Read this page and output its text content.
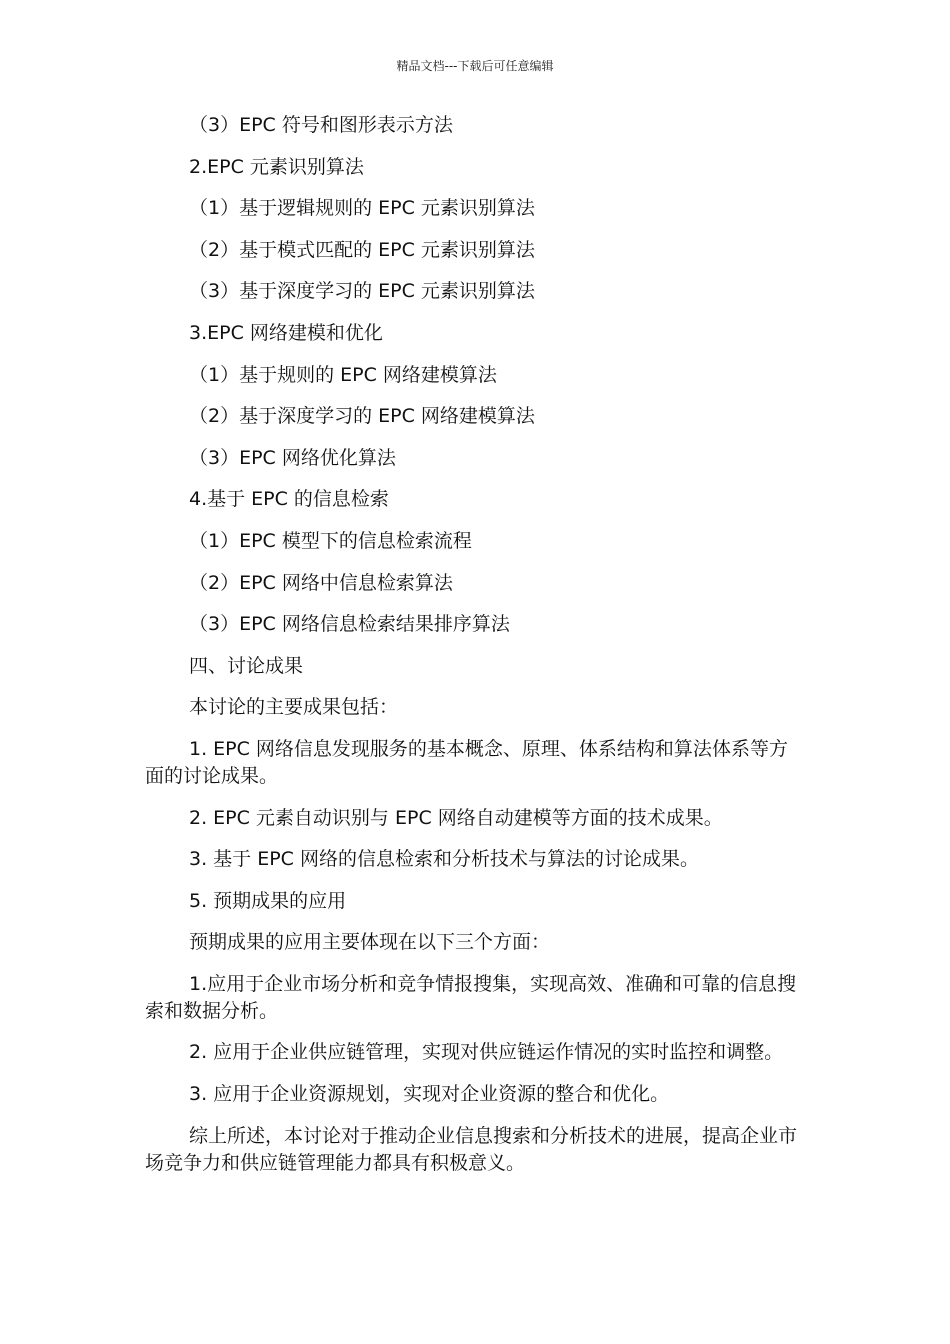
精品文档---下载后可任意编辑

（3）EPC 符号和图形表示方法

2.EPC 元素识别算法

（1）基于逻辑规则的 EPC 元素识别算法

（2）基于模式匹配的 EPC 元素识别算法

（3）基于深度学习的 EPC 元素识别算法

3.EPC 网络建模和优化

（1）基于规则的 EPC 网络建模算法

（2）基于深度学习的 EPC 网络建模算法

（3）EPC 网络优化算法

4.基于 EPC 的信息检索

（1）EPC 模型下的信息检索流程

（2）EPC 网络中信息检索算法

（3）EPC 网络信息检索结果排序算法

四、讨论成果

本讨论的主要成果包括：

1. EPC 网络信息发现服务的基本概念、原理、体系结构和算法体系等方面的讨论成果。

2. EPC 元素自动识别与 EPC 网络自动建模等方面的技术成果。

3. 基于 EPC 网络的信息检索和分析技术与算法的讨论成果。

5. 预期成果的应用

预期成果的应用主要体现在以下三个方面：

1.应用于企业市场分析和竞争情报搜集，实现高效、准确和可靠的信息搜索和数据分析。

2. 应用于企业供应链管理，实现对供应链运作情况的实时监控和调整。

3. 应用于企业资源规划，实现对企业资源的整合和优化。

综上所述，本讨论对于推动企业信息搜索和分析技术的进展，提高企业市场竞争力和供应链管理能力都具有积极意义。
